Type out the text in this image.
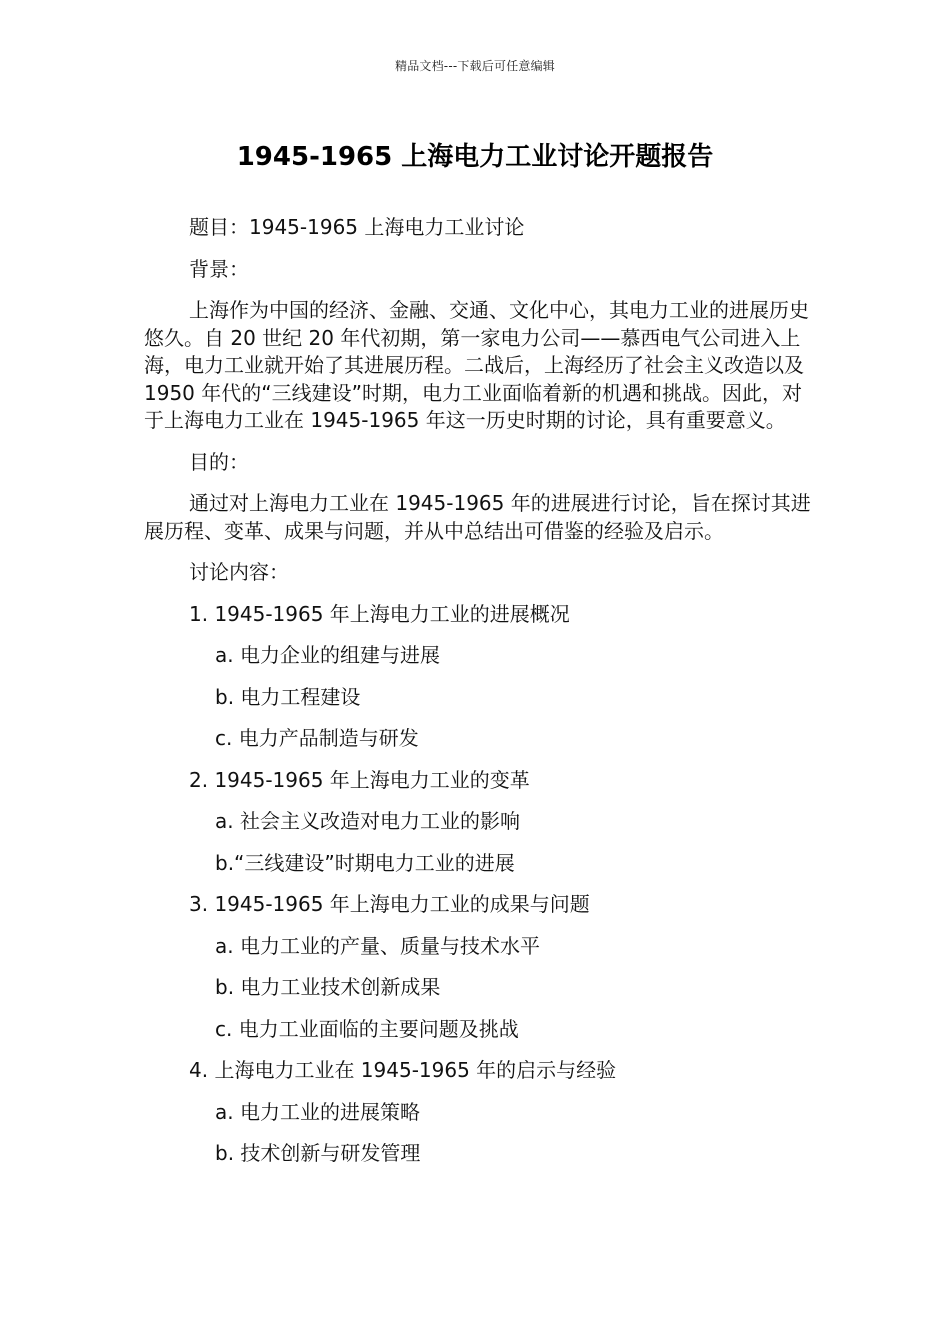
精品文档---下载后可任意编辑
1945-1965 上海电力工业讨论开题报告
题目：1945-1965 上海电力工业讨论
背景：

上海作为中国的经济、金融、交通、文化中心，其电力工业的进展历史悠久。自 20 世纪 20 年代初期，第一家电力公司——慕西电气公司进入上海，电力工业就开始了其进展历程。二战后，上海经历了社会主义改造以及 1950 年代的“三线建设”时期，电力工业面临着新的机遇和挑战。因此，对于上海电力工业在 1945-1965 年这一历史时期的讨论，具有重要意义。

目的：

通过对上海电力工业在 1945-1965 年的进展进行讨论，旨在探讨其进展历程、变革、成果与问题，并从中总结出可借鉴的经验及启示。

讨论内容：
1. 1945-1965 年上海电力工业的进展概况
a. 电力企业的组建与进展
b. 电力工程建设
c. 电力产品制造与研发
2. 1945-1965 年上海电力工业的变革
a. 社会主义改造对电力工业的影响
b.“三线建设”时期电力工业的进展
3. 1945-1965 年上海电力工业的成果与问题
a. 电力工业的产量、质量与技术水平
b. 电力工业技术创新成果
c. 电力工业面临的主要问题及挑战
4. 上海电力工业在 1945-1965 年的启示与经验
a. 电力工业的进展策略
b. 技术创新与研发管理
